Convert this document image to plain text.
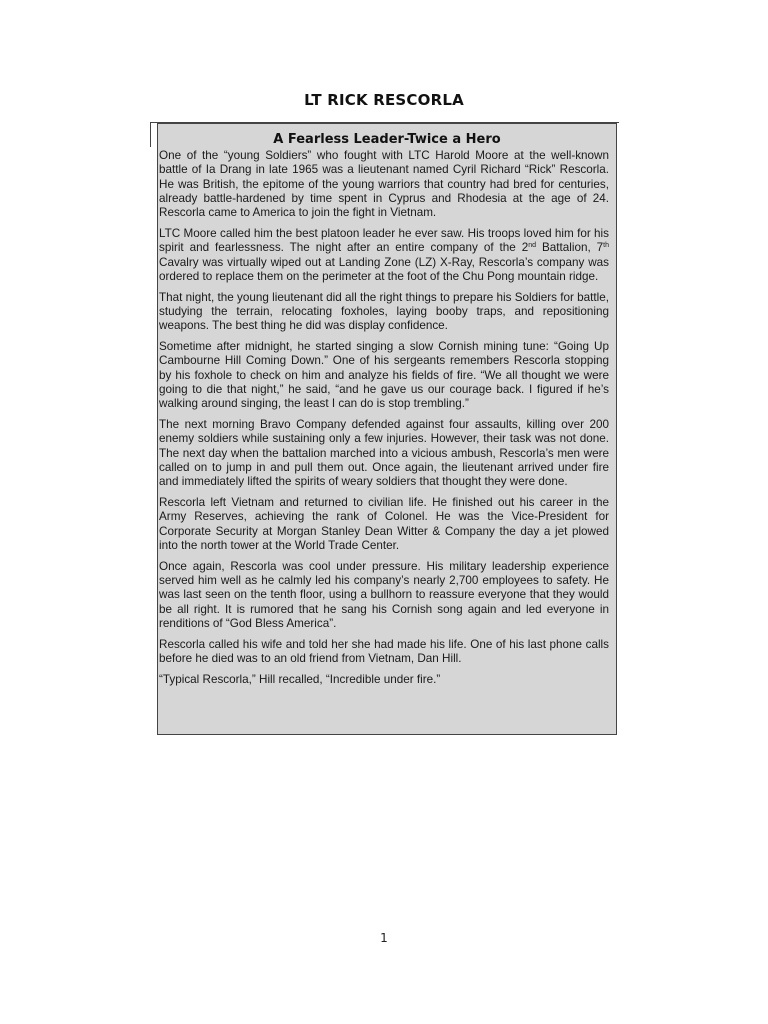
LT RICK RESCORLA
A Fearless Leader-Twice a Hero

One of the “young Soldiers” who fought with LTC Harold Moore at the well-known battle of Ia Drang in late 1965 was a lieutenant named Cyril Richard “Rick” Rescorla. He was British, the epitome of the young warriors that country had bred for centuries, already battle-hardened by time spent in Cyprus and Rhodesia at the age of 24. Rescorla came to America to join the fight in Vietnam.

LTC Moore called him the best platoon leader he ever saw. His troops loved him for his spirit and fearlessness. The night after an entire company of the 2nd Battalion, 7th Cavalry was virtually wiped out at Landing Zone (LZ) X-Ray, Rescorla’s company was ordered to replace them on the perimeter at the foot of the Chu Pong mountain ridge.

That night, the young lieutenant did all the right things to prepare his Soldiers for battle, studying the terrain, relocating foxholes, laying booby traps, and repositioning weapons. The best thing he did was display confidence.

Sometime after midnight, he started singing a slow Cornish mining tune: “Going Up Cambourne Hill Coming Down.” One of his sergeants remembers Rescorla stopping by his foxhole to check on him and analyze his fields of fire. “We all thought we were going to die that night,” he said, “and he gave us our courage back. I figured if he’s walking around singing, the least I can do is stop trembling.”

The next morning Bravo Company defended against four assaults, killing over 200 enemy soldiers while sustaining only a few injuries. However, their task was not done. The next day when the battalion marched into a vicious ambush, Rescorla’s men were called on to jump in and pull them out. Once again, the lieutenant arrived under fire and immediately lifted the spirits of weary soldiers that thought they were done.

Rescorla left Vietnam and returned to civilian life. He finished out his career in the Army Reserves, achieving the rank of Colonel. He was the Vice-President for Corporate Security at Morgan Stanley Dean Witter & Company the day a jet plowed into the north tower at the World Trade Center.

Once again, Rescorla was cool under pressure. His military leadership experience served him well as he calmly led his company’s nearly 2,700 employees to safety. He was last seen on the tenth floor, using a bullhorn to reassure everyone that they would be all right. It is rumored that he sang his Cornish song again and led everyone in renditions of “God Bless America”.

Rescorla called his wife and told her she had made his life. One of his last phone calls before he died was to an old friend from Vietnam, Dan Hill.

“Typical Rescorla,” Hill recalled, “Incredible under fire.”

1
